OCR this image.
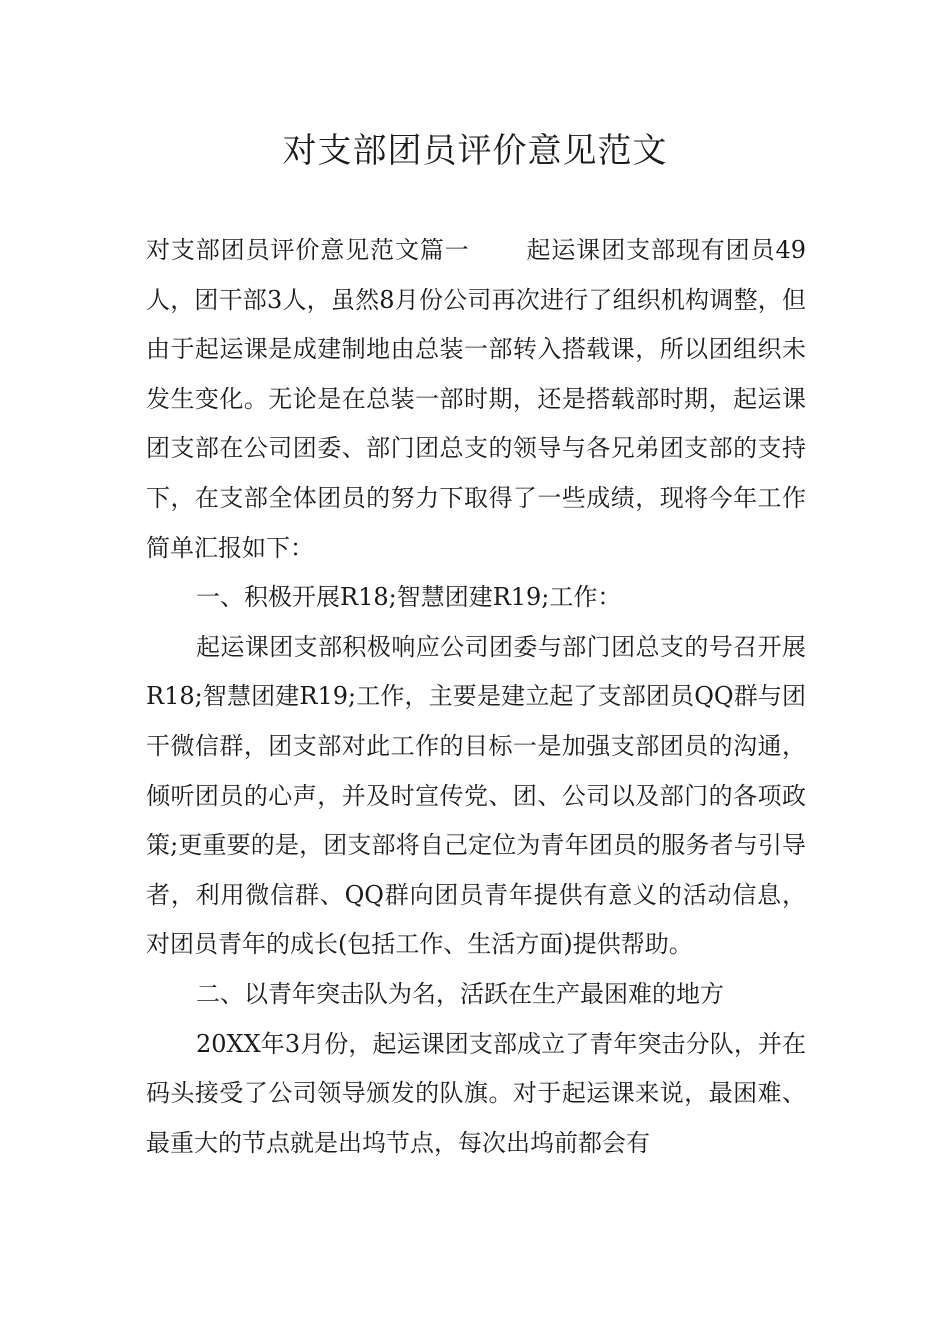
对支部团员评价意见范文

对支部团员评价意见范文篇一 起运课团支部现有团员49人，团干部3人，虽然8月份公司再次进行了组织机构调整，但由于起运课是成建制地由总装一部转入搭载课，所以团组织未发生变化。无论是在总装一部时期，还是搭载部时期，起运课团支部在公司团委、部门团总支的领导与各兄弟团支部的支持下，在支部全体团员的努力下取得了一些成绩，现将今年工作简单汇报如下：

一、积极开展R18;智慧团建R19;工作：

起运课团支部积极响应公司团委与部门团总支的号召开展R18;智慧团建R19;工作，主要是建立起了支部团员QQ群与团干微信群，团支部对此工作的目标一是加强支部团员的沟通，倾听团员的心声，并及时宣传党、团、公司以及部门的各项政策;更重要的是，团支部将自己定位为青年团员的服务者与引导者，利用微信群、QQ群向团员青年提供有意义的活动信息，对团员青年的成长(包括工作、生活方面)提供帮助。

二、以青年突击队为名，活跃在生产最困难的地方

20XX年3月份，起运课团支部成立了青年突击分队，并在码头接受了公司领导颁发的队旗。对于起运课来说，最困难、最重大的节点就是出坞节点，每次出坞前都会有
